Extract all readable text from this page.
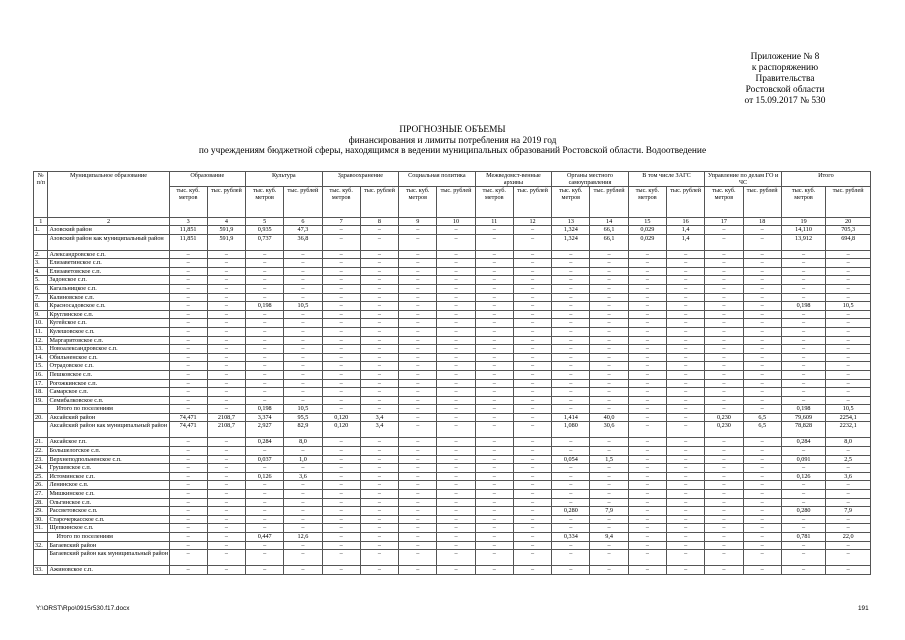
Приложение № 8
к распоряжению
Правительства
Ростовской области
от 15.09.2017 № 530
ПРОГНОЗНЫЕ ОБЪЕМЫ
финансирования и лимиты потребления на 2019 год
по учреждениям бюджетной сферы, находящимся в ведении муниципальных образований Ростовской области. Водоотведение
№ п/п	Муниципальное образование	Образование		Культура		Здравоохранение		Социальная политика		Межведомст-венные архивы		Органы местного самоуправления		В том числе ЗАГС		Управление по делам ГО и ЧС		Итого	
		тыс. куб. метров	тыс. рублей	тыс. куб. метров	тыс. рублей	тыс. куб. метров	тыс. рублей	тыс. куб. метров	тыс. рублей	тыс. куб. метров	тыс. рублей	тыс. куб. метров	тыс. рублей	тыс. куб. метров	тыс. рублей	тыс. куб. метров	тыс. рублей	тыс. куб. метров	тыс. рублей
1	2	3	4	5	6	7	8	9	10	11	12	13	14	15	16	17	18	19	20
1.	Азовский район	11,851	591,9	0,935	47,3	–	–	–	–	–	–	1,324	66,1	0,029	1,4	–	–	14,110	705,3
	Азовский район как муниципальный район	11,851	591,9	0,737	36,8	–	–	–	–	–	–	1,324	66,1	0,029	1,4	–	–	13,912	694,8
2.	Александровское с.п.	–	–	–	–	–	–	–	–	–	–	–	–	–	–	–	–	–	–
3.	Елизаветинское с.п.	–	–	–	–	–	–	–	–	–	–	–	–	–	–	–	–	–	–
4.	Елизаветовское с.п.	–	–	–	–	–	–	–	–	–	–	–	–	–	–	–	–	–	–
5.	Задонское с.п.	–	–	–	–	–	–	–	–	–	–	–	–	–	–	–	–	–	–
6.	Кагальницкое с.п.	–	–	–	–	–	–	–	–	–	–	–	–	–	–	–	–	–	–
7.	Калиновское с.п.	–	–	–	–	–	–	–	–	–	–	–	–	–	–	–	–	–	–
8.	Красносадовское с.п.	–	–	0,198	10,5	–	–	–	–	–	–	–	–	–	–	–	–	0,198	10,5
9.	Круглянское с.п.	–	–	–	–	–	–	–	–	–	–	–	–	–	–	–	–	–	–
10.	Кугейское с.п.	–	–	–	–	–	–	–	–	–	–	–	–	–	–	–	–	–	–
11.	Кулешовское с.п.	–	–	–	–	–	–	–	–	–	–	–	–	–	–	–	–	–	–
12.	Маргаритовское с.п.	–	–	–	–	–	–	–	–	–	–	–	–	–	–	–	–	–	–
13.	Новоалександровское с.п.	–	–	–	–	–	–	–	–	–	–	–	–	–	–	–	–	–	–
14.	Обильненское с.п.	–	–	–	–	–	–	–	–	–	–	–	–	–	–	–	–	–	–
15.	Отрадовское с.п.	–	–	–	–	–	–	–	–	–	–	–	–	–	–	–	–	–	–
16.	Пешковское с.п.	–	–	–	–	–	–	–	–	–	–	–	–	–	–	–	–	–	–
17.	Рогожкинское с.п.	–	–	–	–	–	–	–	–	–	–	–	–	–	–	–	–	–	–
18.	Самарское с.п.	–	–	–	–	–	–	–	–	–	–	–	–	–	–	–	–	–	–
19.	Семибалковское с.п.	–	–	–	–	–	–	–	–	–	–	–	–	–	–	–	–	–	–
	Итого по поселениям	–	–	0,198	10,5	–	–	–	–	–	–	–	–	–	–	–	–	0,198	10,5
20.	Аксайский район	74,471	2108,7	3,374	95,5	0,120	3,4	–	–	–	–	1,414	40,0	–	–	0,230	6,5	79,609	2254,1
	Аксайский район как муниципальный район	74,471	2108,7	2,927	82,9	0,120	3,4	–	–	–	–	1,080	30,6	–	–	0,230	6,5	78,828	2232,1
21.	Аксайское г.п.	–	–	0,284	8,0	–	–	–	–	–	–	–	–	–	–	–	–	0,284	8,0
22.	Большелогское с.п.	–	–	–	–	–	–	–	–	–	–	–	–	–	–	–	–	–	–
23.	Верхнеподпольненское с.п.	–	–	0,037	1,0	–	–	–	–	–	–	0,054	1,5	–	–	–	–	0,091	2,5
24.	Грушевское с.п.	–	–	–	–	–	–	–	–	–	–	–	–	–	–	–	–	–	–
25.	Истоминское с.п.	–	–	0,126	3,6	–	–	–	–	–	–	–	–	–	–	–	–	0,126	3,6
26.	Ленинское с.п.	–	–	–	–	–	–	–	–	–	–	–	–	–	–	–	–	–	–
27.	Мишкинское с.п.	–	–	–	–	–	–	–	–	–	–	–	–	–	–	–	–	–	–
28.	Ольгинское с.п.	–	–	–	–	–	–	–	–	–	–	–	–	–	–	–	–	–	–
29.	Рассветовское с.п.	–	–	–	–	–	–	–	–	–	–	0,280	7,9	–	–	–	–	0,280	7,9
30.	Старочеркасское с.п.	–	–	–	–	–	–	–	–	–	–	–	–	–	–	–	–	–	–
31.	Щепкинское с.п.	–	–	–	–	–	–	–	–	–	–	–	–	–	–	–	–	–	–
	Итого по поселениям	–	–	0,447	12,6	–	–	–	–	–	–	0,334	9,4	–	–	–	–	0,781	22,0
32.	Багаевский район	–	–	–	–	–	–	–	–	–	–	–	–	–	–	–	–	–	–
	Багаевский район как муниципальный район	–	–	–	–	–	–	–	–	–	–	–	–	–	–	–	–	–	–
33.	Ажиновское с.п.	–	–	–	–	–	–	–	–	–	–	–	–	–	–	–	–	–	–
Y:\ORST\Rpo\0915r530.f17.docx	191
